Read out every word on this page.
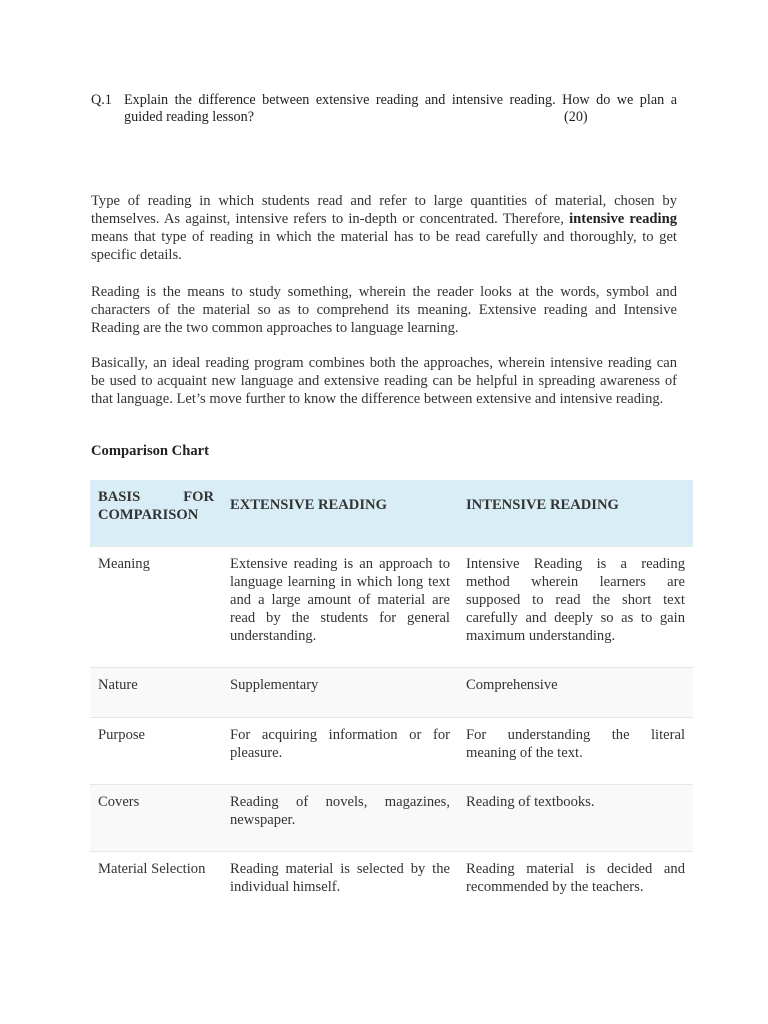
Q.1 Explain the difference between extensive reading and intensive reading. How do we plan a guided reading lesson?	(20)

Type of reading in which students read and refer to large quantities of material, chosen by themselves. As against, intensive refers to in-depth or concentrated. Therefore, intensive reading means that type of reading in which the material has to be read carefully and thoroughly, to get specific details.

Reading is the means to study something, wherein the reader looks at the words, symbol and characters of the material so as to comprehend its meaning. Extensive reading and Intensive Reading are the two common approaches to language learning.

Basically, an ideal reading program combines both the approaches, wherein intensive reading can be used to acquaint new language and extensive reading can be helpful in spreading awareness of that language. Let’s move further to know the difference between extensive and intensive reading.

Comparison Chart
BASIS FOR COMPARISON	EXTENSIVE READING	INTENSIVE READING
Meaning	Extensive reading is an approach to language learning in which long text and a large amount of material are read by the students for general understanding.	Intensive Reading is a reading method wherein learners are supposed to read the short text carefully and deeply so as to gain maximum understanding.
Nature	Supplementary	Comprehensive
Purpose	For acquiring information or for pleasure.	For understanding the literal meaning of the text.
Covers	Reading of novels, magazines, newspaper.	Reading of textbooks.
Material Selection	Reading material is selected by the individual himself.	Reading material is decided and recommended by the teachers.
